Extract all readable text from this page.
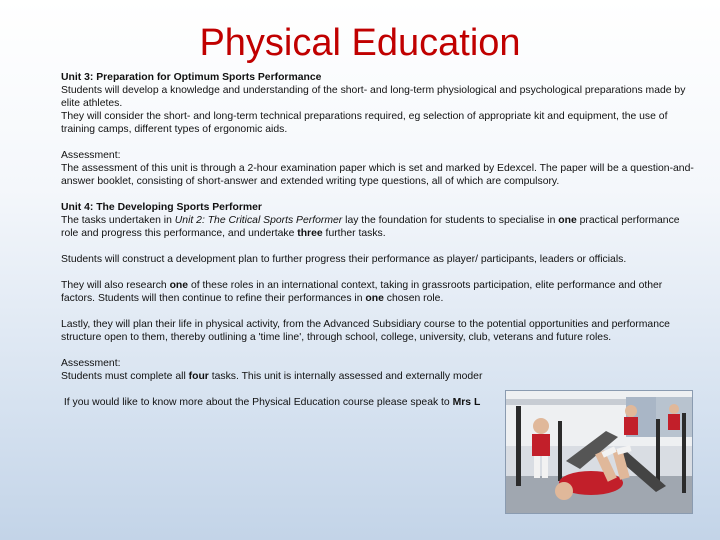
Physical Education

Unit 3: Preparation for Optimum Sports Performance

Students will develop a knowledge and understanding of the short- and long-term physiological and psychological preparations made by elite athletes.

They will consider the short- and long-term technical preparations required, eg selection of appropriate kit and equipment, the use of training camps, different types of ergonomic aids.

Assessment:

The assessment of this unit is through a 2-hour examination paper which is set and marked by Edexcel. The paper will be a question-and-answer booklet, consisting of short-answer and extended writing type questions, all of which are compulsory.

Unit 4: The Developing Sports Performer

The tasks undertaken in Unit 2: The Critical Sports Performer lay the foundation for students to specialise in one practical performance role and progress this performance, and undertake three further tasks.

Students will construct a development plan to further progress their performance as player/ participants, leaders or officials.

They will also research one of these roles in an international context, taking in grassroots participation, elite performance and other factors. Students will then continue to refine their performances in one chosen role.

Lastly, they will plan their life in physical activity, from the Advanced Subsidiary course to the potential opportunities and performance structure open to them, thereby outlining a 'time line', through school, college, university, club, veterans and future roles.

Assessment:

Students must complete all four tasks. This unit is internally assessed and externally moder

If you would like to know more about the Physical Education course please speak to Mrs L
